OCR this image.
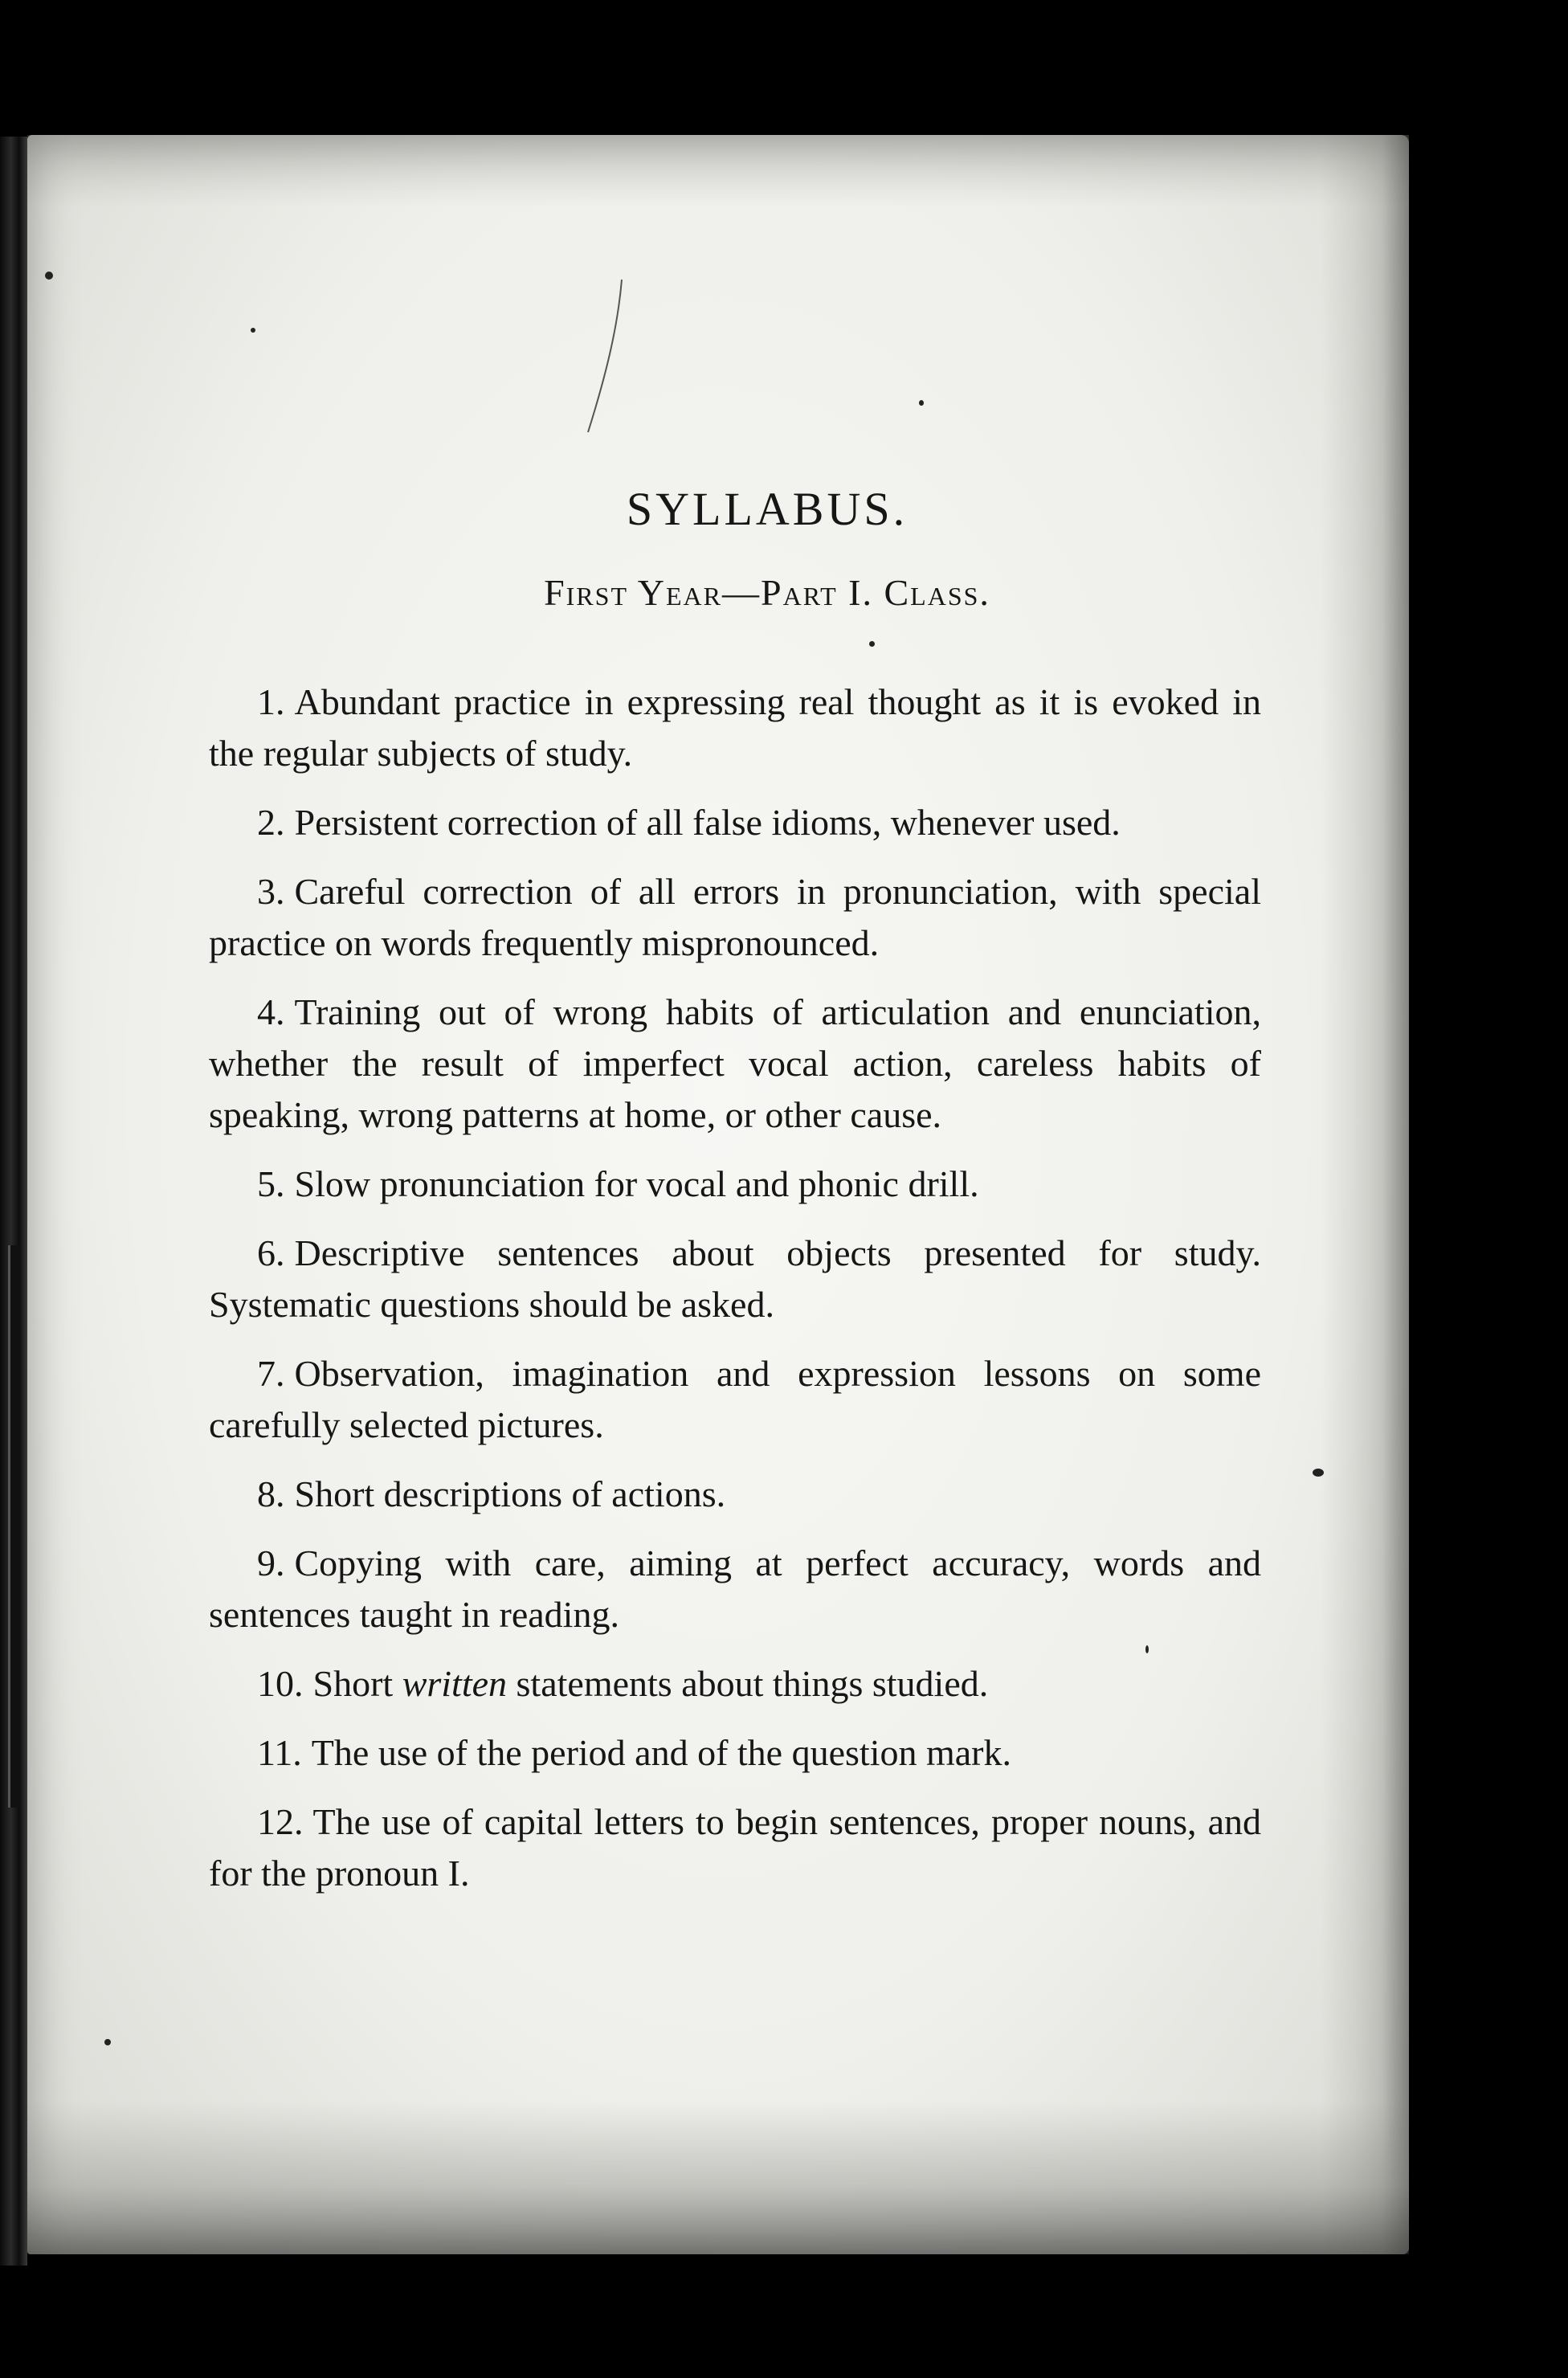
SYLLABUS.
First Year—Part I. Class.

1. Abundant practice in expressing real thought as it is evoked in the regular subjects of study.

2. Persistent correction of all false idioms, whenever used.

3. Careful correction of all errors in pronunciation, with special practice on words frequently mispronounced.

4. Training out of wrong habits of articulation and enunciation, whether the result of imperfect vocal action, careless habits of speaking, wrong patterns at home, or other cause.

5. Slow pronunciation for vocal and phonic drill.

6. Descriptive sentences about objects presented for study. Systematic questions should be asked.

7. Observation, imagination and expression lessons on some carefully selected pictures.

8. Short descriptions of actions.

9. Copying with care, aiming at perfect accuracy, words and sentences taught in reading.

10. Short written statements about things studied.

11. The use of the period and of the question mark.

12. The use of capital letters to begin sentences, proper nouns, and for the pronoun I.
